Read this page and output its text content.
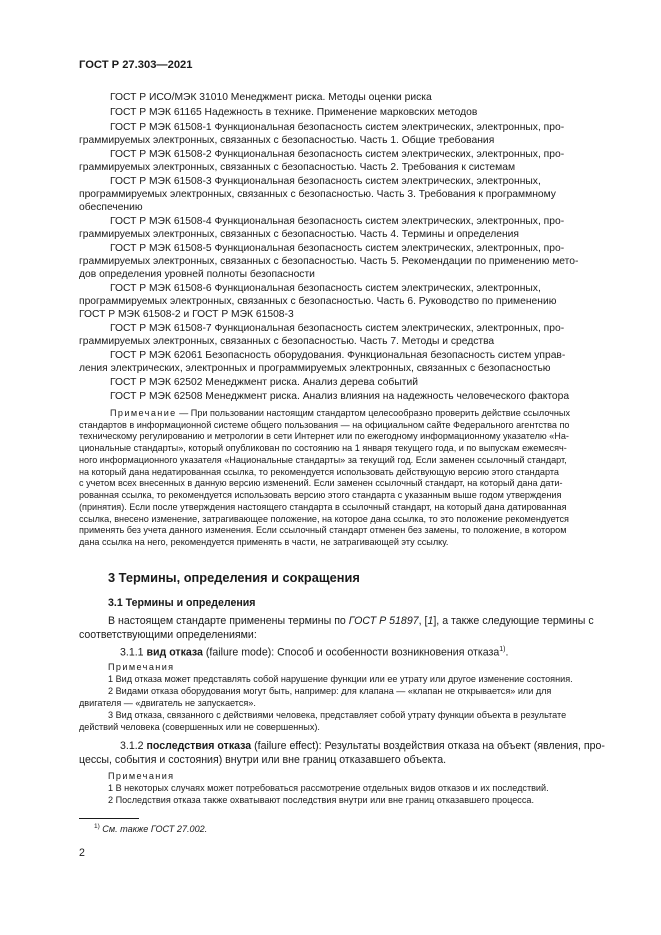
ГОСТ Р 27.303—2021
ГОСТ Р ИСО/МЭК 31010 Менеджмент риска. Методы оценки риска
ГОСТ Р МЭК 61165 Надежность в технике. Применение марковских методов
ГОСТ Р МЭК 61508-1 Функциональная безопасность систем электрических, электронных, про-
граммируемых электронных, связанных с безопасностью. Часть 1. Общие требования
ГОСТ Р МЭК 61508-2 Функциональная безопасность систем электрических, электронных, про-
граммируемых электронных, связанных с безопасностью. Часть 2. Требования к системам
ГОСТ Р МЭК 61508-3 Функциональная безопасность систем электрических, электронных,
программируемых электронных, связанных с безопасностью. Часть 3. Требования к программному
обеспечению
ГОСТ Р МЭК 61508-4 Функциональная безопасность систем электрических, электронных, про-
граммируемых электронных, связанных с безопасностью. Часть 4. Термины и определения
ГОСТ Р МЭК 61508-5 Функциональная безопасность систем электрических, электронных, про-
граммируемых электронных, связанных с безопасностью. Часть 5. Рекомендации по применению мето-
дов определения уровней полноты безопасности
ГОСТ Р МЭК 61508-6 Функциональная безопасность систем электрических, электронных,
программируемых электронных, связанных с безопасностью. Часть 6. Руководство по применению
ГОСТ Р МЭК 61508-2 и ГОСТ Р МЭК 61508-3
ГОСТ Р МЭК 61508-7 Функциональная безопасность систем электрических, электронных, про-
граммируемых электронных, связанных с безопасностью. Часть 7. Методы и средства
ГОСТ Р МЭК 62061 Безопасность оборудования. Функциональная безопасность систем управ-
ления электрических, электронных и программируемых электронных, связанных с безопасностью
ГОСТ Р МЭК 62502 Менеджмент риска. Анализ дерева событий
ГОСТ Р МЭК 62508 Менеджмент риска. Анализ влияния на надежность человеческого фактора
Примечание — При пользовании настоящим стандартом целесообразно проверить действие ссылочных
стандартов в информационной системе общего пользования — на официальном сайте Федерального агентства по
техническому регулированию и метрологии в сети Интернет или по ежегодному информационному указателю «На-
циональные стандарты», который опубликован по состоянию на 1 января текущего года, и по выпускам ежемесяч-
ного информационного указателя «Национальные стандарты» за текущий год. Если заменен ссылочный стандарт,
на который дана недатированная ссылка, то рекомендуется использовать действующую версию этого стандарта
с учетом всех внесенных в данную версию изменений. Если заменен ссылочный стандарт, на который дана дати-
рованная ссылка, то рекомендуется использовать версию этого стандарта с указанным выше годом утверждения
(принятия). Если после утверждения настоящего стандарта в ссылочный стандарт, на который дана датированная
ссылка, внесено изменение, затрагивающее положение, на которое дана ссылка, то это положение рекомендуется
применять без учета данного изменения. Если ссылочный стандарт отменен без замены, то положение, в котором
дана ссылка на него, рекомендуется применять в части, не затрагивающей эту ссылку.
3 Термины, определения и сокращения
3.1 Термины и определения
В настоящем стандарте применены термины по ГОСТ Р 51897, [1], а также следующие термины с
соответствующими определениями:
3.1.1 вид отказа (failure mode): Способ и особенности возникновения отказа$^{1)}$.
Примечания
1 Вид отказа может представлять собой нарушение функции или ее утрату или другое изменение состояния.
2 Видами отказа оборудования могут быть, например: для клапана — «клапан не открывается» или для
двигателя — «двигатель не запускается».
3 Вид отказа, связанного с действиями человека, представляет собой утрату функции объекта в результате
действий человека (совершенных или не совершенных).
3.1.2 последствия отказа (failure effect): Результаты воздействия отказа на объект (явления, про-
цессы, события и состояния) внутри или вне границ отказавшего объекта.
Примечания
1 В некоторых случаях может потребоваться рассмотрение отдельных видов отказов и их последствий.
2 Последствия отказа также охватывают последствия внутри или вне границ отказавшего процесса.
$^{1)}$ См. также ГОСТ 27.002.
2
